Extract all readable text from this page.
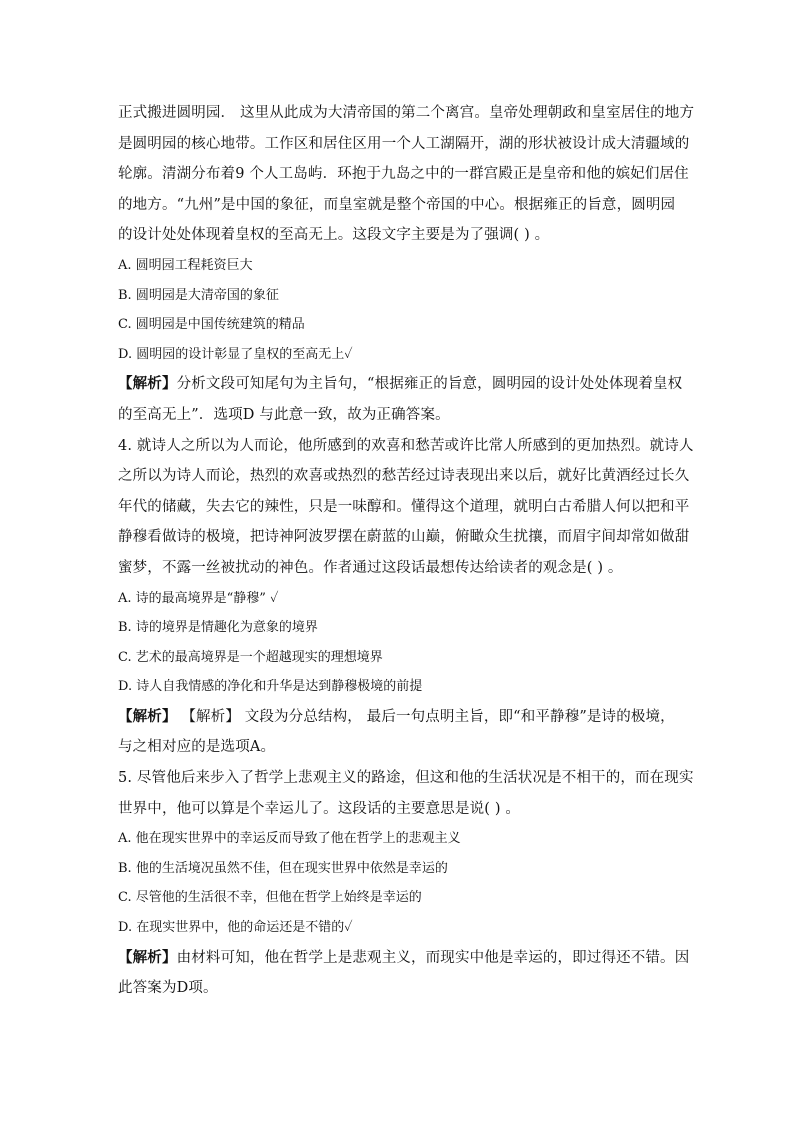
正式搬进圆明园． 这里从此成为大清帝国的第二个离宫。皇帝处理朝政和皇室居住的地方
是圆明园的核心地带。工作区和居住区用一个人工湖隔开，湖的形状被设计成大清疆域的
轮廓。清湖分布着9 个人工岛屿．环抱于九岛之中的一群宫殿正是皇帝和他的嫔妃们居住
的地方。“九州”是中国的象征，而皇室就是整个帝国的中心。根据雍正的旨意，圆明园
的设计处处体现着皇权的至高无上。这段文字主要是为了强调( ) 。
A. 圆明园工程耗资巨大
B. 圆明园是大清帝国的象征
C. 圆明园是中国传统建筑的精品
D. 圆明园的设计彰显了皇权的至高无上✓
【解析】分析文段可知尾句为主旨句，“根据雍正的旨意，圆明园的设计处处体现着皇权
的至高无上”．选项D 与此意一致，故为正确答案。
4. 就诗人之所以为人而论，他所感到的欢喜和愁苦或许比常人所感到的更加热烈。就诗人
之所以为诗人而论，热烈的欢喜或热烈的愁苦经过诗表现出来以后，就好比黄酒经过长久
年代的储藏，失去它的辣性，只是一味醇和。懂得这个道理，就明白古希腊人何以把和平
静穆看做诗的极境，把诗神阿波罗摆在蔚蓝的山巅，俯瞰众生扰攘，而眉宇间却常如做甜
蜜梦，不露一丝被扰动的神色。作者通过这段话最想传达给读者的观念是( ) 。
A. 诗的最高境界是“静穆” ✓
B. 诗的境界是情趣化为意象的境界
C. 艺术的最高境界是一个超越现实的理想境界
D. 诗人自我情感的净化和升华是达到静穆极境的前提
【解析】 【解析】 文段为分总结构， 最后一句点明主旨，即“和平静穆”是诗的极境，
与之相对应的是选项A。
5. 尽管他后来步入了哲学上悲观主义的路途，但这和他的生活状况是不相干的，而在现实
世界中，他可以算是个幸运儿了。这段话的主要意思是说( ) 。
A. 他在现实世界中的幸运反而导致了他在哲学上的悲观主义
B. 他的生活境况虽然不佳，但在现实世界中依然是幸运的
C. 尽管他的生活很不幸，但他在哲学上始终是幸运的
D. 在现实世界中，他的命运还是不错的✓
【解析】由材料可知，他在哲学上是悲观主义，而现实中他是幸运的，即过得还不错。因
此答案为D项。
